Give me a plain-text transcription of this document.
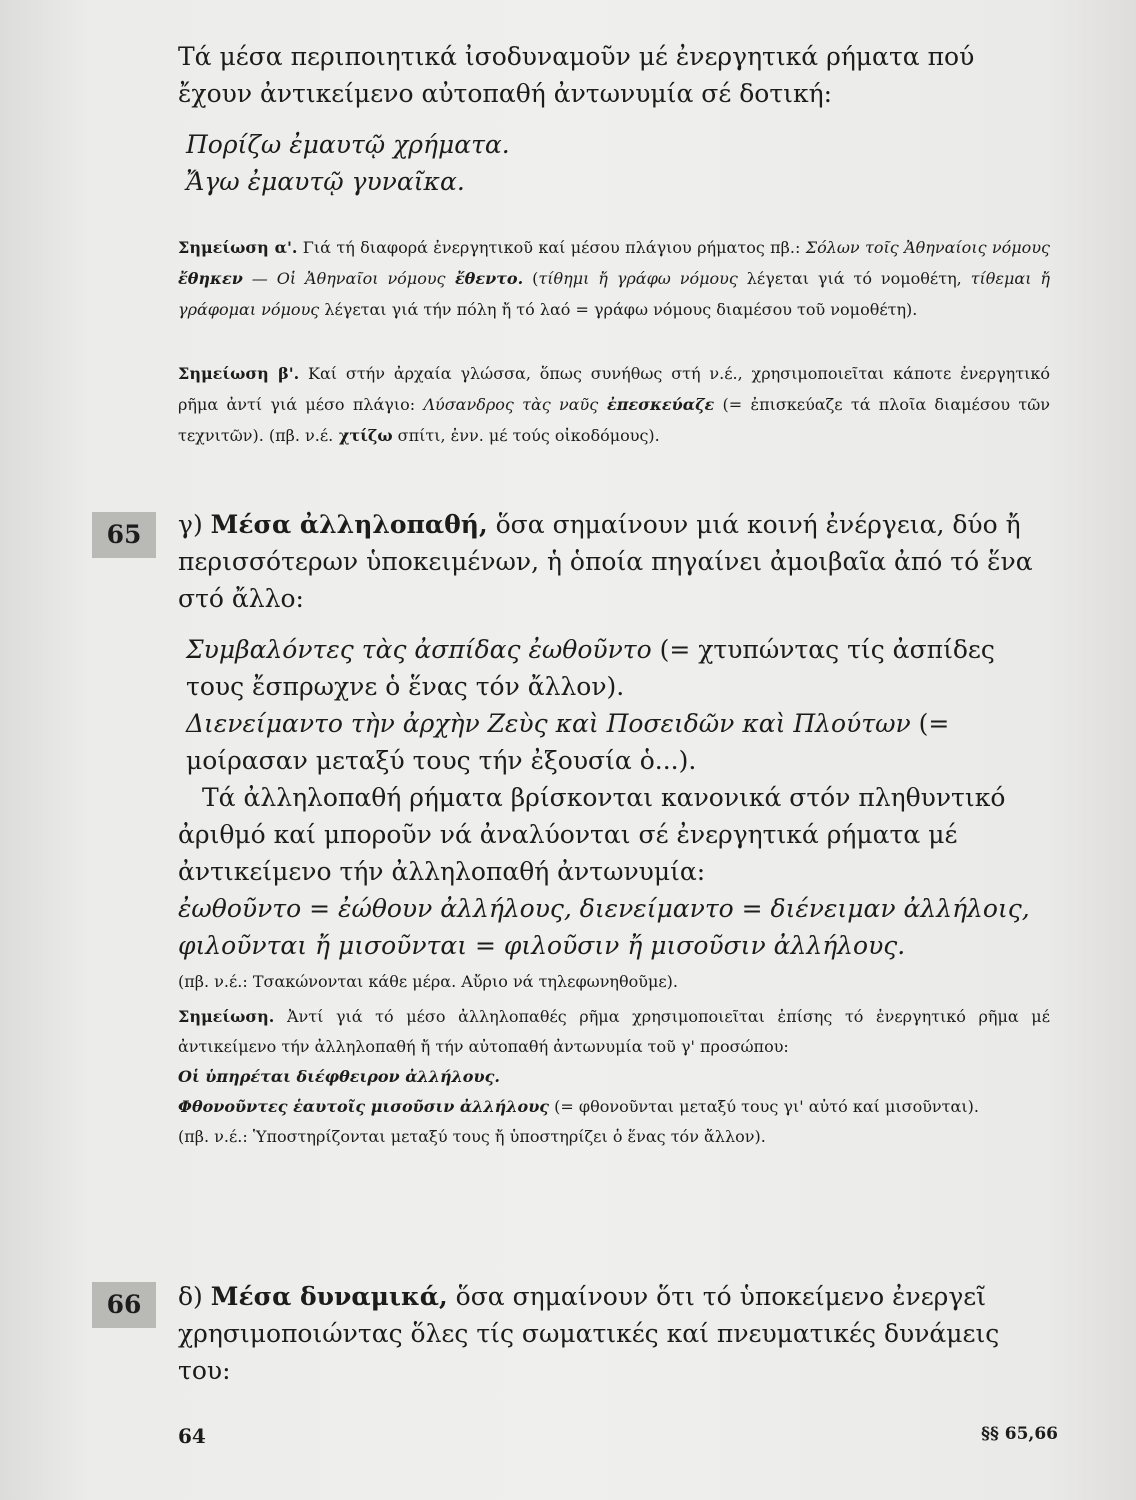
Τά μέσα περιποιητικά ἰσοδυναμοῦν μέ ἐνεργητικά ρήματα πού ἔχουν ἀντικείμενο αὐτοπαθή ἀντωνυμία σέ δοτική:

Πορίζω ἐμαυτῷ χρήματα.

Ἄγω ἐμαυτῷ γυναῖκα.

Σημείωση α'. Γιά τή διαφορά ἐνεργητικοῦ καί μέσου πλάγιου ρήματος πβ.: Σόλων τοῖς Ἀθηναίοις νόμους ἔθηκεν — Οἱ Ἀθηναῖοι νόμους ἔθεντο. (τίθημι ἤ γράφω νόμους λέγεται γιά τό νομοθέτη, τίθεμαι ἤ γράφομαι νόμους λέγεται γιά τήν πόλη ἤ τό λαό = γράφω νόμους διαμέσου τοῦ νομοθέτη).
Σημείωση β'. Καί στήν ἀρχαία γλώσσα, ὅπως συνήθως στή ν.έ., χρησιμοποιεῖται κάποτε ἐνεργητικό ρῆμα ἀντί γιά μέσο πλάγιο: Λύσανδρος τὰς ναῦς ἐπεσκεύαζε (= ἐπισκεύαζε τά πλοῖα διαμέσου τῶν τεχνιτῶν). (πβ. ν.έ. χτίζω σπίτι, ἐνν. μέ τούς οἰκοδόμους).
65	γ) Μέσα ἀλληλοπαθή, ὅσα σημαίνουν μιά κοινή ἐνέργεια, δύο ἤ περισσότερων ὑποκειμένων, ἡ ὁποία πηγαίνει ἀμοιβαῖα ἀπό τό ἕνα στό ἄλλο:

Συμβαλόντες τὰς ἀσπίδας ἐωθοῦντο (= χτυπώντας τίς ἀσπίδες τους ἔσπρωχνε ὁ ἕνας τόν ἄλλον).

Διενείμαντο τὴν ἀρχὴν Ζεὺς καὶ Ποσειδῶν καὶ Πλούτων (= μοίρασαν μεταξύ τους τήν ἐξουσία ὁ...).

Τά ἀλληλοπαθή ρήματα βρίσκονται κανονικά στόν πληθυντικό ἀριθμό καί μποροῦν νά ἀναλύονται σέ ἐνεργητικά ρήματα μέ ἀντικείμενο τήν ἀλληλοπαθή ἀντωνυμία:

ἐωθοῦντο = ἐώθουν ἀλλήλους, διενείμαντο = διένειμαν ἀλλήλοις, φιλοῦνται ἤ μισοῦνται = φιλοῦσιν ἤ μισοῦσιν ἀλλήλους.

(πβ. ν.έ.: Τσακώνονται κάθε μέρα. Αὔριο νά τηλεφωνηθοῦμε).

Σημείωση. Ἀντί γιά τό μέσο ἀλληλοπαθές ρῆμα χρησιμοποιεῖται ἐπίσης τό ἐνεργητικό ρῆμα μέ ἀντικείμενο τήν ἀλληλοπαθή ἤ τήν αὐτοπαθή ἀντωνυμία τοῦ γ' προσώπου:

Οἱ ὑπηρέται διέφθειρον ἀλλήλους.

Φθονοῦντες ἑαυτοῖς μισοῦσιν ἀλλήλους (= φθονοῦνται μεταξύ τους γι' αὐτό καί μισοῦνται).

(πβ. ν.έ.: Ὑποστηρίζονται μεταξύ τους ἤ ὑποστηρίζει ὁ ἕνας τόν ἄλλον).

66	δ) Μέσα δυναμικά, ὅσα σημαίνουν ὅτι τό ὑποκείμενο ἐνεργεῖ χρησιμοποιώντας ὅλες τίς σωματικές καί πνευματικές δυνάμεις του:
64	§§ 65,66
